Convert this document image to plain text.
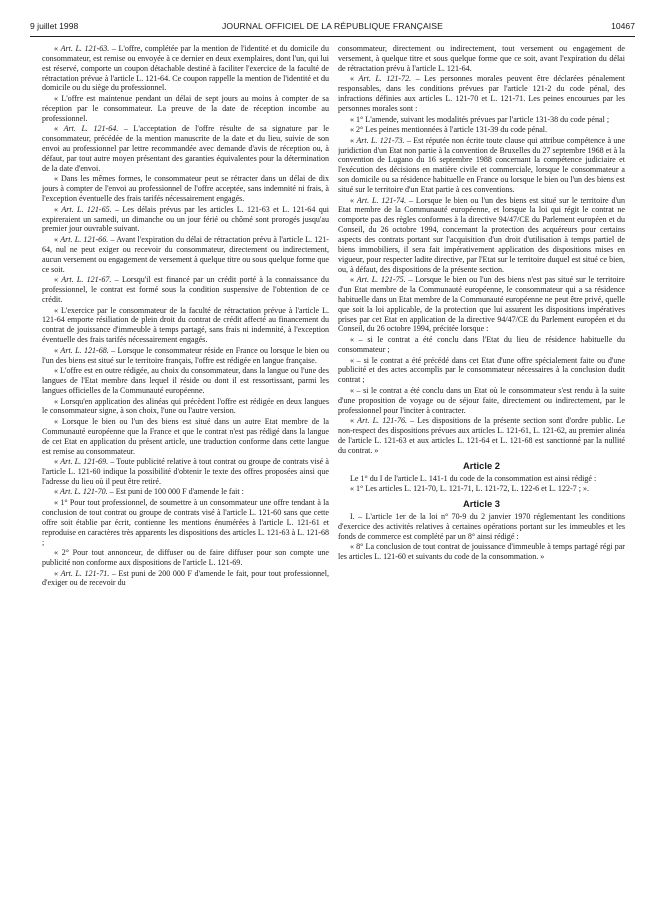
9 juillet 1998	JOURNAL OFFICIEL DE LA RÉPUBLIQUE FRANÇAISE	10467

« Art. L. 121-63. – L'offre, complétée par la mention de l'identité et du domicile du consommateur, est remise ou envoyée à ce dernier en deux exemplaires, dont l'un, qui lui est réservé, comporte un coupon détachable destiné à faciliter l'exercice de la faculté de rétractation prévue à l'article L. 121-64. Ce coupon rappelle la mention de l'identité et du domicile ou du siège du professionnel.

« L'offre est maintenue pendant un délai de sept jours au moins à compter de sa réception par le consommateur. La preuve de la date de réception incombe au professionnel.

« Art. L. 121-64. – L'acceptation de l'offre résulte de sa signature par le consommateur, précédée de la mention manuscrite de la date et du lieu, suivie de son envoi au professionnel par lettre recommandée avec demande d'avis de réception ou, à défaut, par tout autre moyen présentant des garanties équivalentes pour la détermination de la date d'envoi.

« Dans les mêmes formes, le consommateur peut se rétracter dans un délai de dix jours à compter de l'envoi au professionnel de l'offre acceptée, sans indemnité ni frais, à l'exception éventuelle des frais tarifés nécessairement engagés.

« Art. L. 121-65. – Les délais prévus par les articles L. 121-63 et L. 121-64 qui expireraient un samedi, un dimanche ou un jour férié ou chômé sont prorogés jusqu'au premier jour ouvrable suivant.

« Art. L. 121-66. – Avant l'expiration du délai de rétractation prévu à l'article L. 121-64, nul ne peut exiger ou recevoir du consommateur, directement ou indirectement, aucun versement ou engagement de versement à quelque titre ou sous quelque forme que ce soit.

« Art. L. 121-67. – Lorsqu'il est financé par un crédit porté à la connaissance du professionnel, le contrat est formé sous la condition suspensive de l'obtention de ce crédit.

« L'exercice par le consommateur de la faculté de rétractation prévue à l'article L. 121-64 emporte résiliation de plein droit du contrat de crédit affecté au financement du contrat de jouissance d'immeuble à temps partagé, sans frais ni indemnité, à l'exception éventuelle des frais tarifés nécessairement engagés.

« Art. L. 121-68. – Lorsque le consommateur réside en France ou lorsque le bien ou l'un des biens est situé sur le territoire français, l'offre est rédigée en langue française.

« L'offre est en outre rédigée, au choix du consommateur, dans la langue ou l'une des langues de l'Etat membre dans lequel il réside ou dont il est ressortissant, parmi les langues officielles de la Communauté européenne.

« Lorsqu'en application des alinéas qui précèdent l'offre est rédigée en deux langues le consommateur signe, à son choix, l'une ou l'autre version.

« Lorsque le bien ou l'un des biens est situé dans un autre Etat membre de la Communauté européenne que la France et que le contrat n'est pas rédigé dans la langue de cet Etat en application du présent article, une traduction conforme dans cette langue est remise au consommateur.

« Art. L. 121-69. – Toute publicité relative à tout contrat ou groupe de contrats visé à l'article L. 121-60 indique la possibilité d'obtenir le texte des offres proposées ainsi que l'adresse du lieu où il peut être retiré.

« Art. L. 121-70. – Est puni de 100 000 F d'amende le fait :

« 1° Pour tout professionnel, de soumettre à un consommateur une offre tendant à la conclusion de tout contrat ou groupe de contrats visé à l'article L. 121-60 sans que cette offre soit établie par écrit, contienne les mentions énumérées à l'article L. 121-61 et reproduise en caractères très apparents les dispositions des articles L. 121-63 à L. 121-68 ;

« 2° Pour tout annonceur, de diffuser ou de faire diffuser pour son compte une publicité non conforme aux dispositions de l'article L. 121-69.

« Art. L. 121-71. – Est puni de 200 000 F d'amende le fait, pour tout professionnel, d'exiger ou de recevoir du

consommateur, directement ou indirectement, tout versement ou engagement de versement, à quelque titre et sous quelque forme que ce soit, avant l'expiration du délai de rétractation prévu à l'article L. 121-64.

« Art. L. 121-72. – Les personnes morales peuvent être déclarées pénalement responsables, dans les conditions prévues par l'article 121-2 du code pénal, des infractions définies aux articles L. 121-70 et L. 121-71. Les peines encourues par les personnes morales sont :

« 1° L'amende, suivant les modalités prévues par l'article 131-38 du code pénal ;

« 2° Les peines mentionnées à l'article 131-39 du code pénal.

« Art. L. 121-73. – Est réputée non écrite toute clause qui attribue compétence à une juridiction d'un Etat non partie à la convention de Bruxelles du 27 septembre 1968 et à la convention de Lugano du 16 septembre 1988 concernant la compétence judiciaire et l'exécution des décisions en matière civile et commerciale, lorsque le consommateur a son domicile ou sa résidence habituelle en France ou lorsque le bien ou l'un des biens est situé sur le territoire d'un Etat partie à ces conventions.

« Art. L. 121-74. – Lorsque le bien ou l'un des biens est situé sur le territoire d'un Etat membre de la Communauté européenne, et lorsque la loi qui régit le contrat ne comporte pas des règles conformes à la directive 94/47/CE du Parlement européen et du Conseil, du 26 octobre 1994, concernant la protection des acquéreurs pour certains aspects des contrats portant sur l'acquisition d'un droit d'utilisation à temps partiel de biens immobiliers, il sera fait impérativement application des dispositions mises en vigueur, pour respecter ladite directive, par l'Etat sur le territoire duquel est situé ce bien, ou, à défaut, des dispositions de la présente section.

« Art. L. 121-75. – Lorsque le bien ou l'un des biens n'est pas situé sur le territoire d'un Etat membre de la Communauté européenne, le consommateur qui a sa résidence habituelle dans un Etat membre de la Communauté européenne ne peut être privé, quelle que soit la loi applicable, de la protection que lui assurent les dispositions impératives prises par cet Etat en application de la directive 94/47/CE du Parlement européen et du Conseil, du 26 octobre 1994, précitée lorsque :

« – si le contrat a été conclu dans l'Etat du lieu de résidence habituelle du consommateur ;

« – si le contrat a été précédé dans cet Etat d'une offre spécialement faite ou d'une publicité et des actes accomplis par le consommateur nécessaires à la conclusion dudit contrat ;

« – si le contrat a été conclu dans un Etat où le consommateur s'est rendu à la suite d'une proposition de voyage ou de séjour faite, directement ou indirectement, par le professionnel pour l'inciter à contracter.

« Art. L. 121-76. – Les dispositions de la présente section sont d'ordre public. Le non-respect des dispositions prévues aux articles L. 121-61, L. 121-62, au premier alinéa de l'article L. 121-63 et aux articles L. 121-64 et L. 121-68 est sanctionné par la nullité du contrat. »

Article 2

Le 1° du I de l'article L. 141-1 du code de la consommation est ainsi rédigé :

« 1° Les articles L. 121-70, L. 121-71, L. 121-72, L. 122-6 et L. 122-7 ; ».

Article 3

I. – L'article 1er de la loi n° 70-9 du 2 janvier 1970 réglementant les conditions d'exercice des activités relatives à certaines opérations portant sur les immeubles et les fonds de commerce est complété par un 8° ainsi rédigé :

« 8° La conclusion de tout contrat de jouissance d'immeuble à temps partagé régi par les articles L. 121-60 et suivants du code de la consommation. »
